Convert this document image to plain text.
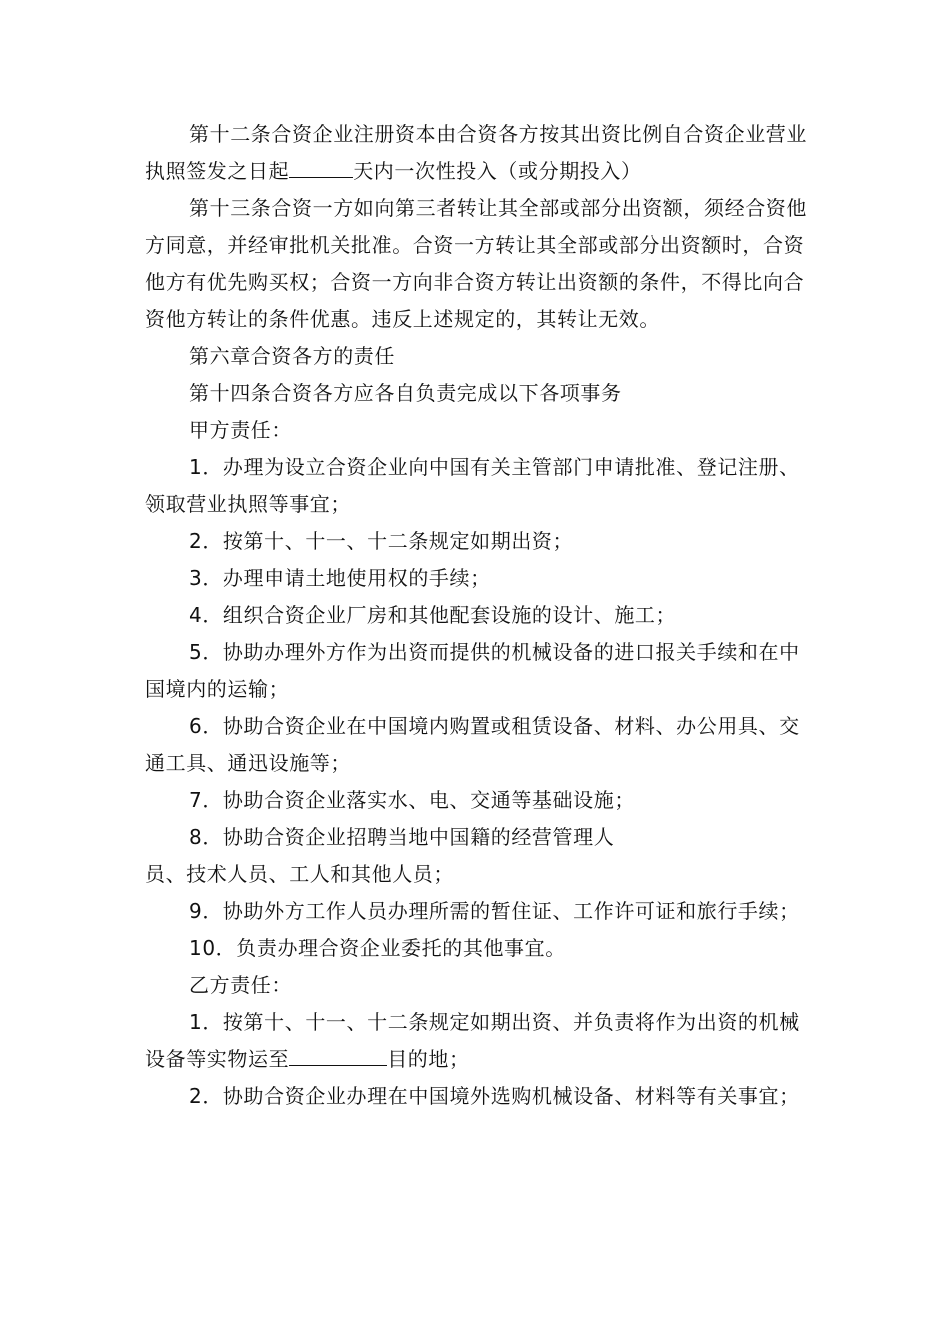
第十二条合资企业注册资本由合资各方按其出资比例自合资企业营业执照签发之日起	天内一次性投入（或分期投入）

第十三条合资一方如向第三者转让其全部或部分出资额，须经合资他方同意，并经审批机关批准。合资一方转让其全部或部分出资额时，合资他方有优先购买权；合资一方向非合资方转让出资额的条件，不得比向合资他方转让的条件优惠。违反上述规定的，其转让无效。

第六章合资各方的责任

第十四条合资各方应各自负责完成以下各项事务

甲方责任：

1．办理为设立合资企业向中国有关主管部门申请批准、登记注册、领取营业执照等事宜；

2．按第十、十一、十二条规定如期出资；

3．办理申请土地使用权的手续；

4．组织合资企业厂房和其他配套设施的设计、施工；

5．协助办理外方作为出资而提供的机械设备的进口报关手续和在中国境内的运输；

6．协助合资企业在中国境内购置或租赁设备、材料、办公用具、交通工具、通迅设施等；

7．协助合资企业落实水、电、交通等基础设施；

8．协助合资企业招聘当地中国籍的经营管理人

员、技术人员、工人和其他人员；

9．协助外方工作人员办理所需的暂住证、工作许可证和旅行手续；

10．负责办理合资企业委托的其他事宜。

乙方责任：

1．按第十、十一、十二条规定如期出资、并负责将作为出资的机械设备等实物运至	目的地；

2．协助合资企业办理在中国境外选购机械设备、材料等有关事宜；
